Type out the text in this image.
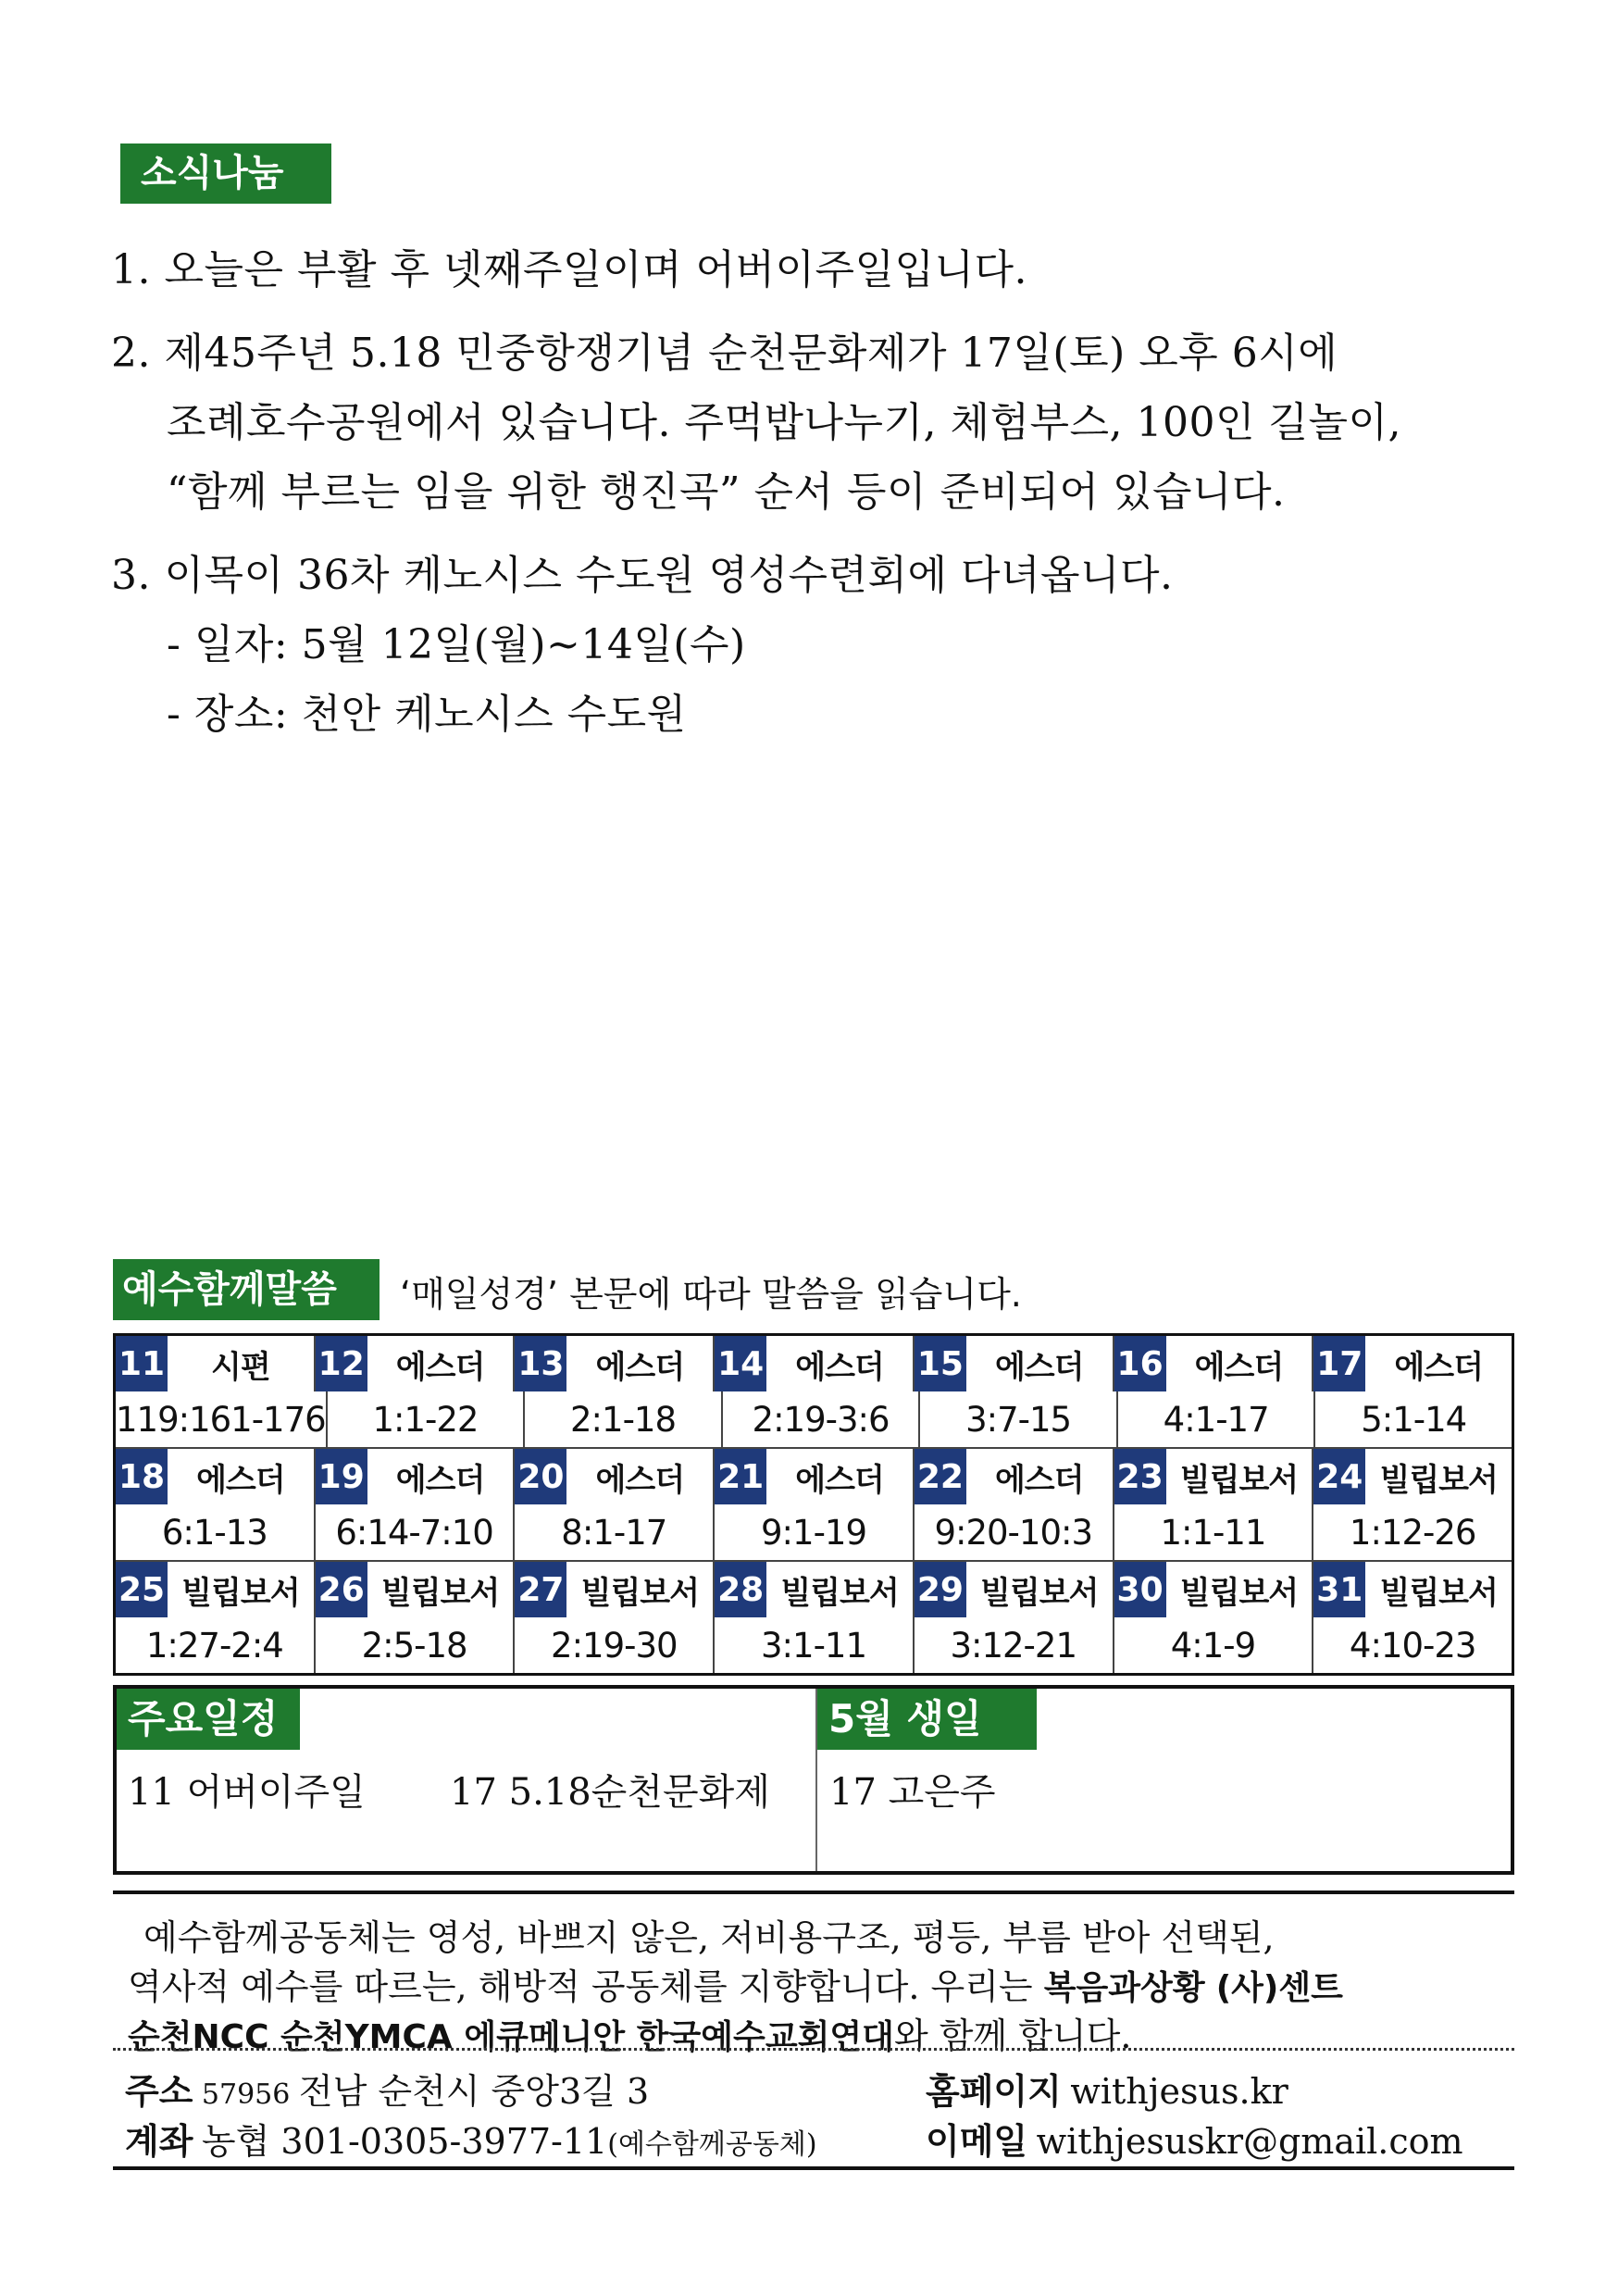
소식나눔
1. 오늘은 부활 후 넷째주일이며 어버이주일입니다.
2. 제45주년 5.18 민중항쟁기념 순천문화제가 17일(토) 오후 6시에
조례호수공원에서 있습니다. 주먹밥나누기, 체험부스, 100인 길놀이,
“함께 부르는 임을 위한 행진곡” 순서 등이 준비되어 있습니다.
3. 이목이 36차 케노시스 수도원 영성수련회에 다녀옵니다.
- 일자: 5월 12일(월)~14일(수)
- 장소: 천안 케노시스 수도원
예수함께말씀	‘매일성경’ 본문에 따라 말씀을 읽습니다.
11	시편	12	에스더	13	에스더	14	에스더	15	에스더	16	에스더	17	에스더
119:161-176	1:1-22	2:1-18	2:19-3:6	3:7-15	4:1-17	5:1-14
18	에스더	19	에스더	20	에스더	21	에스더	22	에스더	23 빌립보서 24 빌립보서
6:1-13	6:14-7:10	8:1-17	9:1-19	9:20-10:3	1:1-11	1:12-26
25 빌립보서 26 빌립보서 27 빌립보서 28 빌립보서 29 빌립보서 30 빌립보서 31 빌립보서
1:27-2:4	2:5-18	2:19-30	3:1-11	3:12-21	4:1-9	4:10-23
주요일정	5월 생일
11 어버이주일 17 5.18순천문화제 17 고은주
예수함께공동체는 영성, 바쁘지 않은, 저비용구조, 평등, 부름 받아 선택된,
역사적 예수를 따르는, 해방적 공동체를 지향합니다. 우리는 복음과상황 (사)센트
순천NCC 순천YMCA 에큐메니안 한국예수교회연대와 함께 합니다.
주소 57956 전남 순천시 중앙3길 3	홈페이지 withjesus.kr
계좌 농협 301-0305-3977-11(예수함께공동체)	이메일 withjesuskr@gmail.com
